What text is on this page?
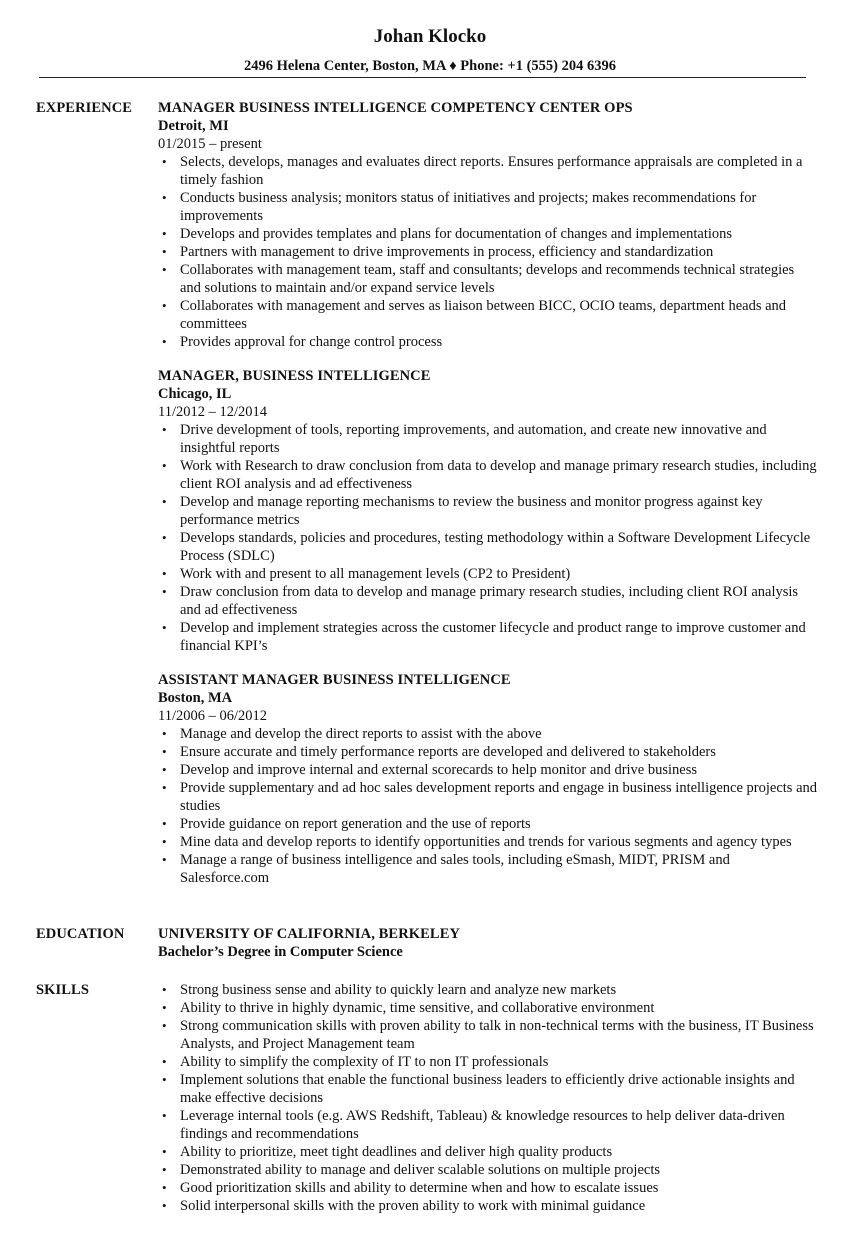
Johan Klocko
2496 Helena Center, Boston, MA ♦ Phone: +1 (555) 204 6396
EXPERIENCE	MANAGER BUSINESS INTELLIGENCE COMPETENCY CENTER OPS
Detroit, MI
01/2015 – present
• Selects, develops, manages and evaluates direct reports. Ensures performance appraisals are completed in a timely fashion
• Conducts business analysis; monitors status of initiatives and projects; makes recommendations for improvements
• Develops and provides templates and plans for documentation of changes and implementations
• Partners with management to drive improvements in process, efficiency and standardization
• Collaborates with management team, staff and consultants; develops and recommends technical strategies and solutions to maintain and/or expand service levels
• Collaborates with management and serves as liaison between BICC, OCIO teams, department heads and committees
• Provides approval for change control process
MANAGER, BUSINESS INTELLIGENCE
Chicago, IL
11/2012 – 12/2014
• Drive development of tools, reporting improvements, and automation, and create new innovative and insightful reports
• Work with Research to draw conclusion from data to develop and manage primary research studies, including client ROI analysis and ad effectiveness
• Develop and manage reporting mechanisms to review the business and monitor progress against key performance metrics
• Develops standards, policies and procedures, testing methodology within a Software Development Lifecycle Process (SDLC)
• Work with and present to all management levels (CP2 to President)
• Draw conclusion from data to develop and manage primary research studies, including client ROI analysis and ad effectiveness
• Develop and implement strategies across the customer lifecycle and product range to improve customer and financial KPI’s
ASSISTANT MANAGER BUSINESS INTELLIGENCE
Boston, MA
11/2006 – 06/2012
• Manage and develop the direct reports to assist with the above
• Ensure accurate and timely performance reports are developed and delivered to stakeholders
• Develop and improve internal and external scorecards to help monitor and drive business
• Provide supplementary and ad hoc sales development reports and engage in business intelligence projects and studies
• Provide guidance on report generation and the use of reports
• Mine data and develop reports to identify opportunities and trends for various segments and agency types
• Manage a range of business intelligence and sales tools, including eSmash, MIDT, PRISM and Salesforce.com
EDUCATION	UNIVERSITY OF CALIFORNIA, BERKELEY
Bachelor’s Degree in Computer Science
SKILLS	• Strong business sense and ability to quickly learn and analyze new markets
• Ability to thrive in highly dynamic, time sensitive, and collaborative environment
• Strong communication skills with proven ability to talk in non-technical terms with the business, IT Business Analysts, and Project Management team
• Ability to simplify the complexity of IT to non IT professionals
• Implement solutions that enable the functional business leaders to efficiently drive actionable insights and make effective decisions
• Leverage internal tools (e.g. AWS Redshift, Tableau) & knowledge resources to help deliver data-driven findings and recommendations
• Ability to prioritize, meet tight deadlines and deliver high quality products
• Demonstrated ability to manage and deliver scalable solutions on multiple projects
• Good prioritization skills and ability to determine when and how to escalate issues
• Solid interpersonal skills with the proven ability to work with minimal guidance
